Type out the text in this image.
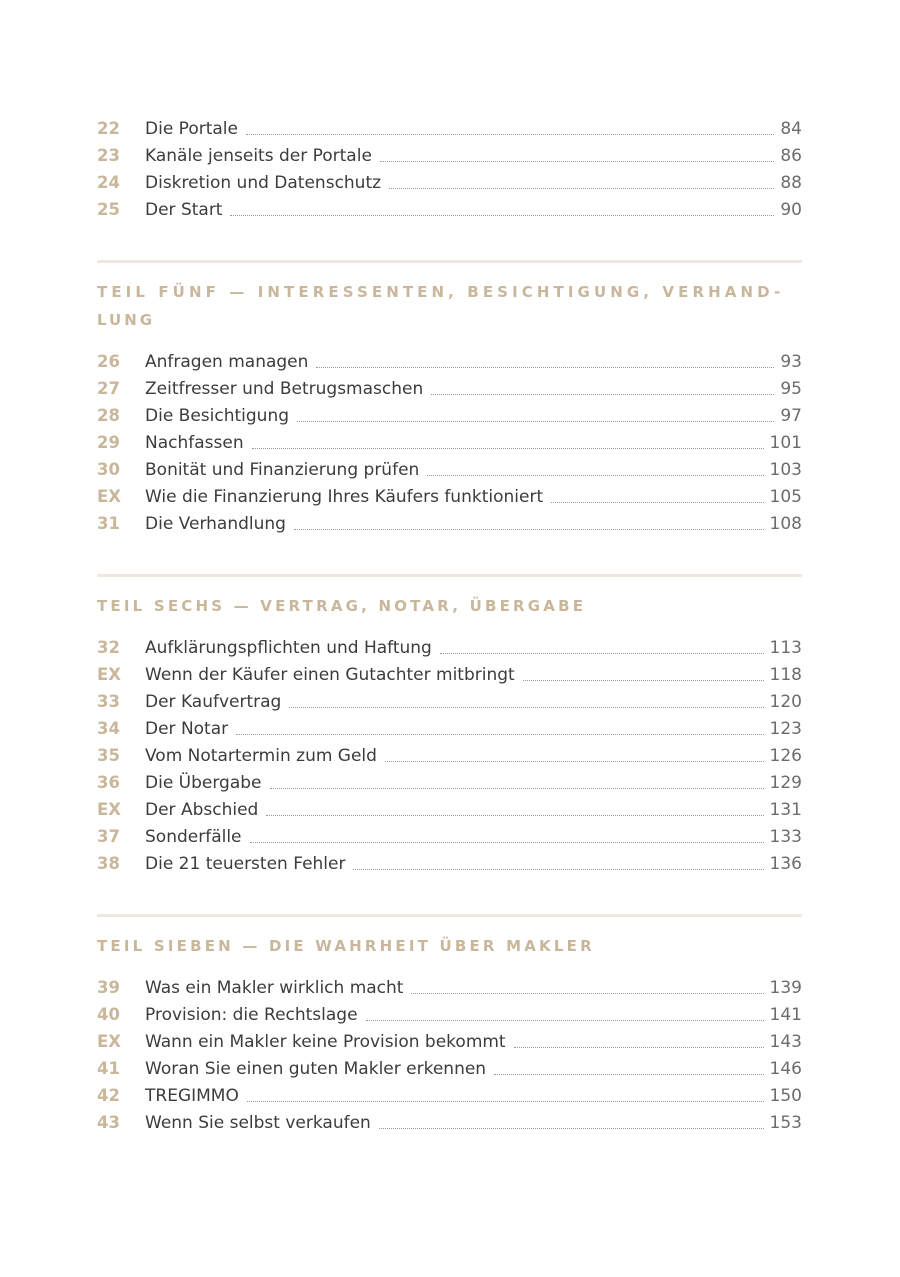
22	Die Portale	84
23	Kanäle jenseits der Portale	86
24	Diskretion und Datenschutz	88
25	Der Start	90
TEIL FÜNF — INTERESSENTEN, BESICHTIGUNG, VERHAND-
LUNG
26	Anfragen managen	93
27	Zeitfresser und Betrugsmaschen	95
28	Die Besichtigung	97
29	Nachfassen	101
30	Bonität und Finanzierung prüfen	103
EX	Wie die Finanzierung Ihres Käufers funktioniert	105
31	Die Verhandlung	108
TEIL SECHS — VERTRAG, NOTAR, ÜBERGABE
32	Aufklärungspflichten und Haftung	113
EX	Wenn der Käufer einen Gutachter mitbringt	118
33	Der Kaufvertrag	120
34	Der Notar	123
35	Vom Notartermin zum Geld	126
36	Die Übergabe	129
EX	Der Abschied	131
37	Sonderfälle	133
38	Die 21 teuersten Fehler	136
TEIL SIEBEN — DIE WAHRHEIT ÜBER MAKLER
39	Was ein Makler wirklich macht	139
40	Provision: die Rechtslage	141
EX	Wann ein Makler keine Provision bekommt	143
41	Woran Sie einen guten Makler erkennen	146
42	TREGIMMO	150
43	Wenn Sie selbst verkaufen	153
